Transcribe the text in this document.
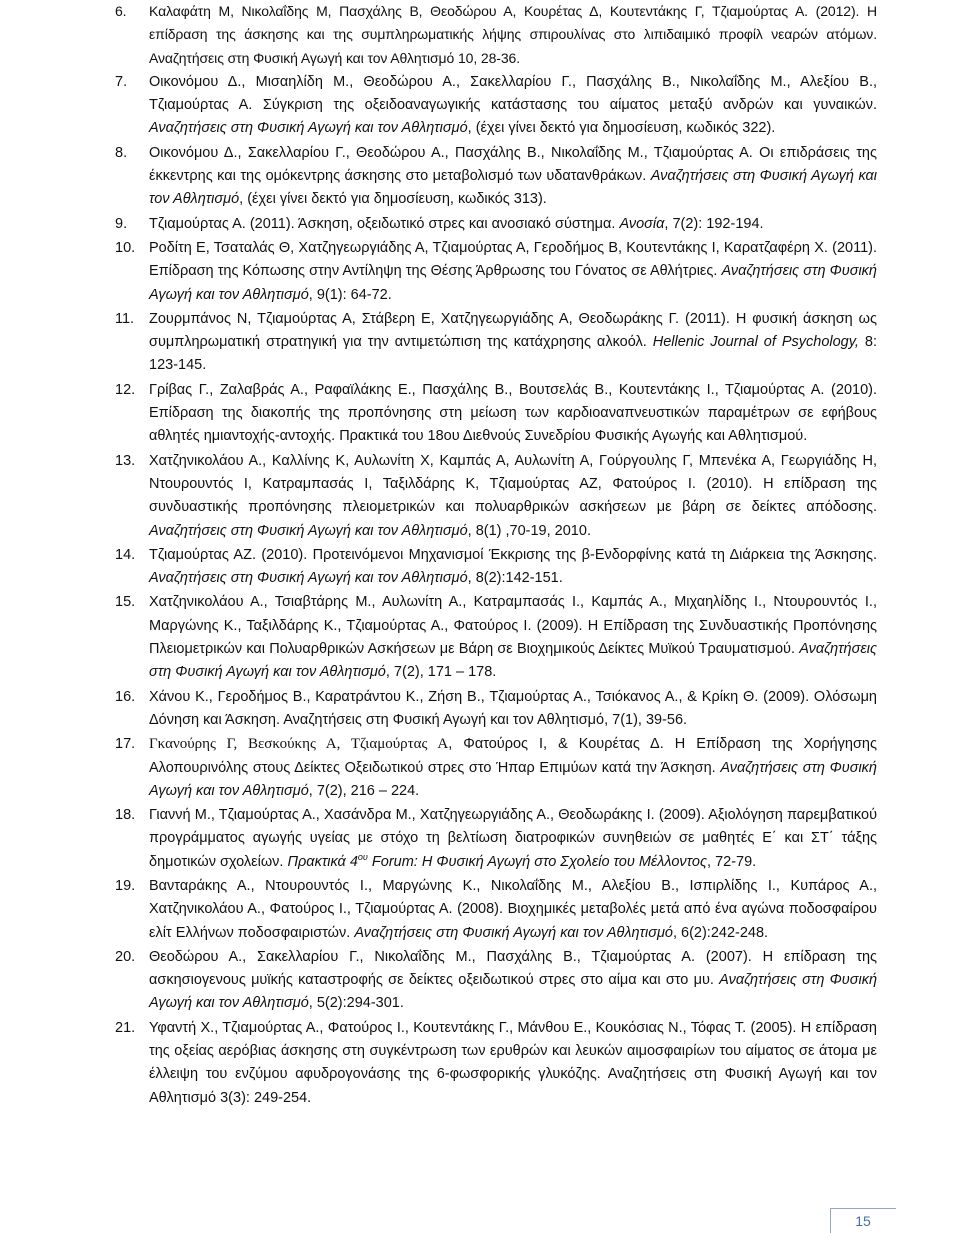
6.	Καλαφάτη Μ, Νικολαΐδης Μ, Πασχάλης Β, Θεοδώρου Α, Κουρέτας Δ, Κουτεντάκης Γ, Τζιαμούρτας Α. (2012). Η επίδραση της άσκησης και της συμπληρωματικής λήψης σπιρουλίνας στο λιπιδαιμικό προφίλ νεαρών ατόμων. Αναζητήσεις στη Φυσική Αγωγή και τον Αθλητισμό 10, 28-36.
7.	Οικονόμου Δ., Μισαηλίδη Μ., Θεοδώρου Α., Σακελλαρίου Γ., Πασχάλης Β., Νικολαΐδης Μ., Αλεξίου Β., Τζιαμούρτας Α. Σύγκριση της οξειδοαναγωγικής κατάστασης του αίματος μεταξύ ανδρών και γυναικών. Αναζητήσεις στη Φυσική Αγωγή και τον Αθλητισμό, (έχει γίνει δεκτό για δημοσίευση, κωδικός 322).
8.	Οικονόμου Δ., Σακελλαρίου Γ., Θεοδώρου Α., Πασχάλης Β., Νικολαΐδης Μ., Τζιαμούρτας Α. Οι επιδράσεις της έκκεντρης και της ομόκεντρης άσκησης στο μεταβολισμό των υδατανθράκων. Αναζητήσεις στη Φυσική Αγωγή και τον Αθλητισμό, (έχει γίνει δεκτό για δημοσίευση, κωδικός 313).
9.	Τζιαμούρτας Α. (2011). Άσκηση, οξειδωτικό στρες και ανοσιακό σύστημα. Ανοσία, 7(2): 192-194.
10. Ροδίτη Ε, Τσαταλάς Θ, Χατζηγεωργιάδης Α, Τζιαμούρτας Α, Γεροδήμος Β, Κουτεντάκης Ι, Καρατζαφέρη Χ. (2011). Επίδραση της Κόπωσης στην Αντίληψη της Θέσης Άρθρωσης του Γόνατος σε Αθλήτριες. Αναζητήσεις στη Φυσική Αγωγή και τον Αθλητισμό, 9(1): 64-72.
11.	Ζουρμπάνος Ν, Τζιαμούρτας Α, Στάβερη Ε, Χατζηγεωργιάδης Α, Θεοδωράκης Γ. (2011). Η φυσική άσκηση ως συμπληρωματική στρατηγική για την αντιμετώπιση της κατάχρησης αλκοόλ. Hellenic Journal of Psychology, 8: 123-145.
12. Γρίβας Γ., Ζαλαβράς Α., Ραφαϊλάκης Ε., Πασχάλης Β., Βουτσελάς Β., Κουτεντάκης Ι., Τζιαμούρτας Α. (2010). Επίδραση της διακοπής της προπόνησης στη μείωση των καρδιοαναπνευστικών παραμέτρων σε εφήβους αθλητές ημιαντοχής-αντοχής. Πρακτικά του 18ου Διεθνούς Συνεδρίου Φυσικής Αγωγής και Αθλητισμού.
13. Χατζηνικολάου Α., Καλλίνης Κ, Αυλωνίτη Χ, Καμπάς Α, Αυλωνίτη Α, Γούργουλης Γ, Μπενέκα Α, Γεωργιάδης Η, Ντουρουντός Ι, Κατραμπασάς Ι, Ταξιλδάρης Κ, Τζιαμούρτας ΑΖ, Φατούρος Ι. (2010). Η επίδραση της συνδυαστικής προπόνησης πλειομετρικών και πολυαρθρικών ασκήσεων με βάρη σε δείκτες απόδοσης. Αναζητήσεις στη Φυσική Αγωγή και τον Αθλητισμό, 8(1) ,70-19, 2010.
14. Τζιαμούρτας ΑΖ. (2010). Προτεινόμενοι Μηχανισμοί Έκκρισης της β-Ενδορφίνης κατά τη Διάρκεια της Άσκησης. Αναζητήσεις στη Φυσική Αγωγή και τον Αθλητισμό, 8(2):142-151.
15. Χατζηνικολάου Α., Τσιαβτάρης Μ., Αυλωνίτη Α., Κατραμπασάς Ι., Καμπάς Α., Μιχαηλίδης Ι., Ντουρουντός Ι., Μαργώνης Κ., Ταξιλδάρης Κ., Τζιαμούρτας Α., Φατούρος Ι. (2009). Η Επίδραση της Συνδυαστικής Προπόνησης Πλειομετρικών και Πολυαρθρικών Ασκήσεων με Βάρη σε Βιοχημικούς Δείκτες Μυϊκού Τραυματισμού. Αναζητήσεις στη Φυσική Αγωγή και τον Αθλητισμό, 7(2), 171 – 178.
16. Χάνου Κ., Γεροδήμος Β., Καρατράντου Κ., Ζήση Β., Τζιαμούρτας Α., Τσιόκανος Α., & Κρίκη Θ. (2009). Ολόσωμη Δόνηση και Άσκηση. Αναζητήσεις στη Φυσική Αγωγή και τον Αθλητισμό, 7(1), 39-56.
17. Γκανούρης Γ, Βεσκούκης Α, Τζιαμούρτας Α, Φατούρος Ι, & Κουρέτας Δ. Η Επίδραση της Χορήγησης Αλοπουρινόλης στους Δείκτες Οξειδωτικού στρες στο Ήπαρ Επιμύων κατά την Άσκηση. Αναζητήσεις στη Φυσική Αγωγή και τον Αθλητισμό, 7(2), 216 – 224.
18. Γιαννή Μ., Τζιαμούρτας Α., Χασάνδρα Μ., Χατζηγεωργιάδης Α., Θεοδωράκης Ι. (2009). Αξιολόγηση παρεμβατικού προγράμματος αγωγής υγείας με στόχο τη βελτίωση διατροφικών συνηθειών σε μαθητές Ε΄ και ΣΤ΄ τάξης δημοτικών σχολείων. Πρακτικά $4^{o\upsilon}$ Forum: Η Φυσική Αγωγή στο Σχολείο του Μέλλοντος, 72-79.
19. Βανταράκης Α., Ντουρουντός Ι., Μαργώνης Κ., Νικολαΐδης Μ., Αλεξίου Β., Ισπιρλίδης Ι., Κυπάρος Α., Χατζηνικολάου Α., Φατούρος Ι., Τζιαμούρτας Α. (2008). Βιοχημικές μεταβολές μετά από ένα αγώνα ποδοσφαίρου ελίτ Ελλήνων ποδοσφαιριστών. Αναζητήσεις στη Φυσική Αγωγή και τον Αθλητισμό, 6(2):242-248.
20. Θεοδώρου Α., Σακελλαρίου Γ., Νικολαΐδης Μ., Πασχάλης Β., Τζιαμούρτας Α. (2007). Η επίδραση της ασκησιογενους μυϊκής καταστροφής σε δείκτες οξειδωτικού στρες στο αίμα και στο μυ. Αναζητήσεις στη Φυσική Αγωγή και τον Αθλητισμό, 5(2):294-301.
21. Υφαντή Χ., Τζιαμούρτας Α., Φατούρος Ι., Κουτεντάκης Γ., Μάνθου Ε., Κουκόσιας Ν., Τόφας Τ. (2005). Η επίδραση της οξείας αερόβιας άσκησης στη συγκέντρωση των ερυθρών και λευκών αιμοσφαιρίων του αίματος σε άτομα με έλλειψη του ενζύμου αφυδρογονάσης της 6-φωσφορικής γλυκόζης. Αναζητήσεις στη Φυσική Αγωγή και τον Αθλητισμό 3(3): 249-254.
15
